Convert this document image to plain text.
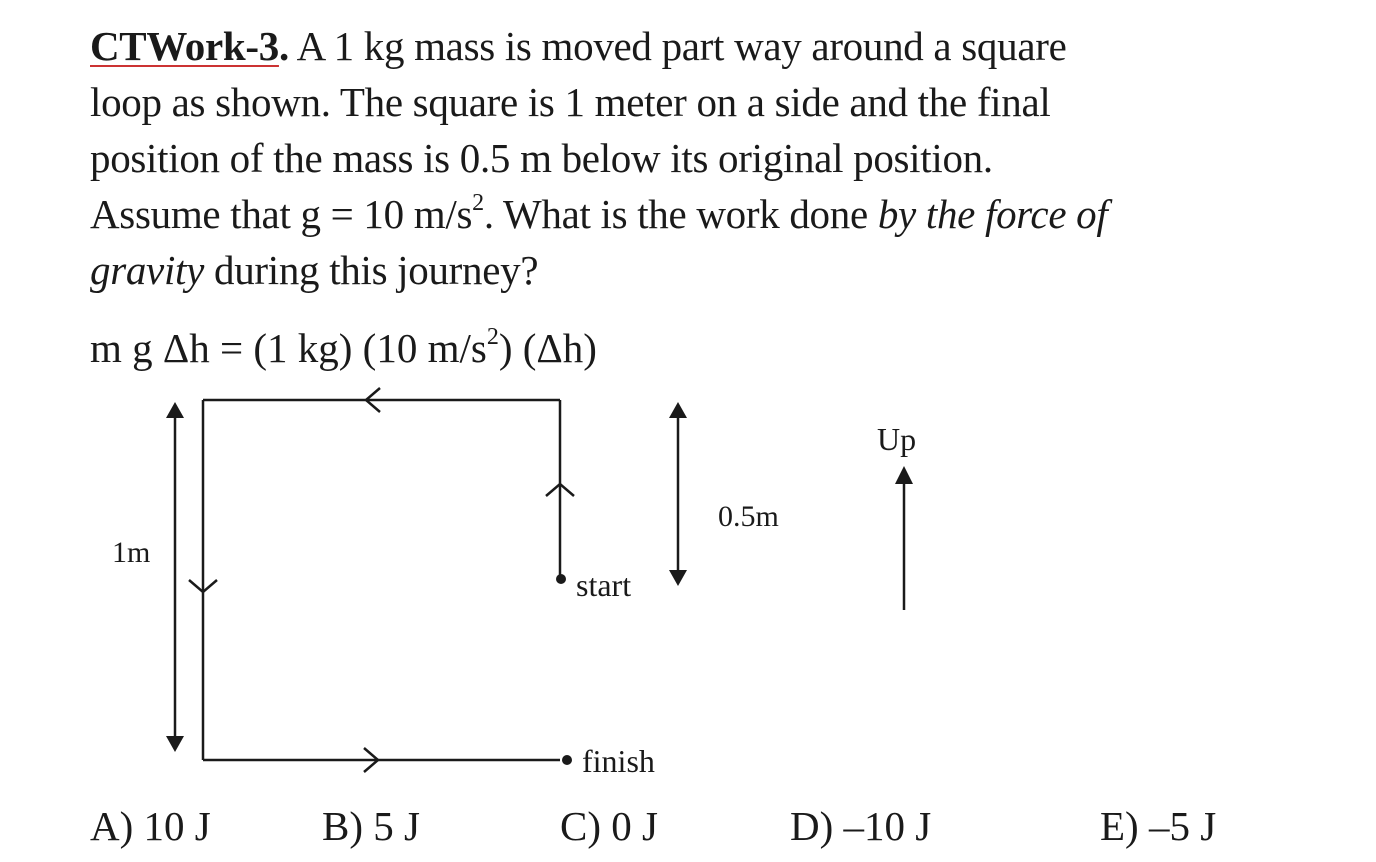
CTWork-3. A 1 kg mass is moved part way around a square
loop as shown. The square is 1 meter on a side and the final
position of the mass is 0.5 m below its original position.
Assume that g = 10 $m/s^2$. What is the work done by the force of
gravity during this journey?
m g Δh = (1 kg) (10 $m/s^2$) (Δh)
start
finish
1m
0.5m
Up
A) 10 J	B) 5 J	C) 0 J	D) –10 J	E) –5 J
